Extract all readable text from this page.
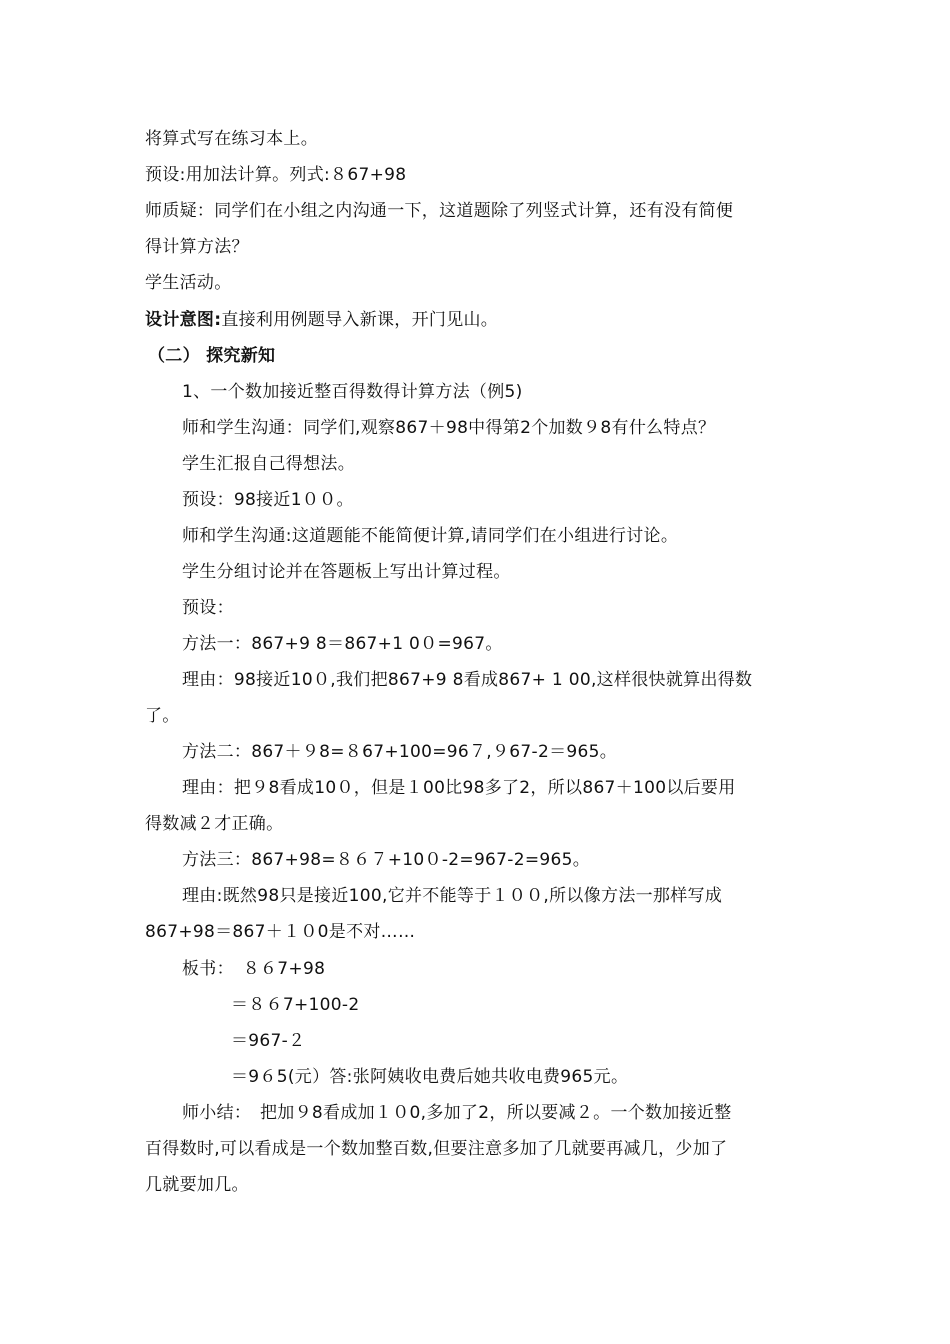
将算式写在练习本上。
预设:用加法计算。列式:８67+98
师质疑：同学们在小组之内沟通一下，这道题除了列竖式计算，还有没有简便
得计算方法？
学生活动。
设计意图:直接利用例题导入新课，开门见山。
（二） 探究新知
1、一个数加接近整百得数得计算方法（例5)
师和学生沟通：同学们,观察867＋98中得第2个加数９8有什么特点？
学生汇报自己得想法。
预设：98接近1００。
师和学生沟通:这道题能不能简便计算,请同学们在小组进行讨论。
学生分组讨论并在答题板上写出计算过程。
预设：
方法一：867+9 8＝867+1 0０=967。
理由：98接近10０,我们把867+9 8看成867+ 1 00,这样很快就算出得数
了。
方法二：867＋９8=８67+100=96７,９67-2＝965。
理由：把９8看成10０，但是１00比98多了2，所以867＋100以后要用
得数减２才正确。
方法三：867+98=８６７+10０-2=967-2=965。
理由:既然98只是接近100,它并不能等于１００,所以像方法一那样写成
867+98＝867＋１０0是不对……
板书：　８６7+98
＝８６7+100-2
＝967-２
＝9６5(元）答:张阿姨收电费后她共收电费965元。
师小结：　把加９8看成加１０0,多加了2，所以要减２。一个数加接近整
百得数时,可以看成是一个数加整百数,但要注意多加了几就要再减几，少加了
几就要加几。
